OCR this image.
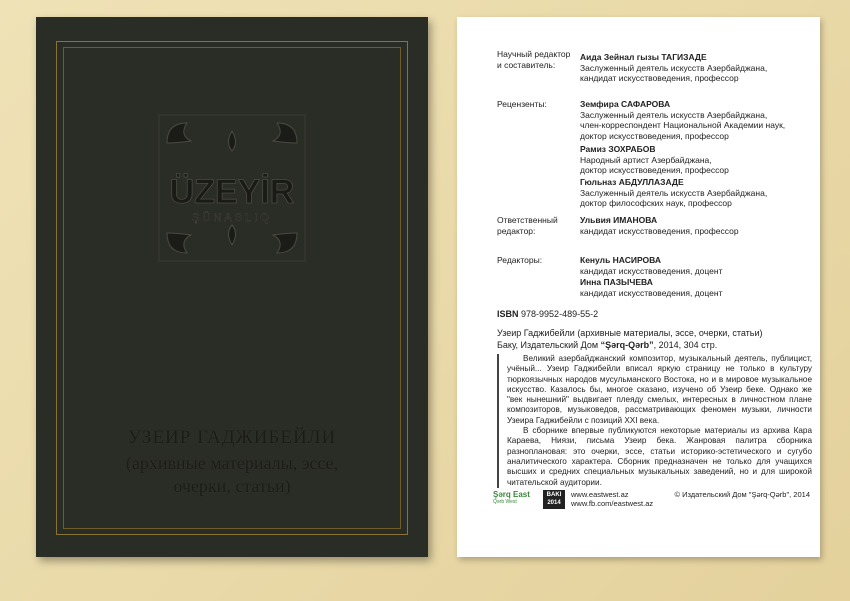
ÜZEYİR
ŞÜNASLIQ
УЗЕИР ГАДЖИБЕЙЛИ
(архивные материалы, эссе,
очерки, статьи)
Научный редактор
и составитель:
Аида Зейнал гызы ТАГИЗАДЕ
Заслуженный деятель искусств Азербайджана,
кандидат искусствоведения, профессор
Рецензенты:	Земфира САФАРОВА
Заслуженный деятель искусств Азербайджана,
член-корреспондент Национальной Академии наук,
доктор искусствоведения, профессор
Рамиз ЗОХРАБОВ
Народный артист Азербайджана,
доктор искусствоведения, профессор
Гюльназ АБДУЛЛАЗАДЕ
Заслуженный деятель искусств Азербайджана,
доктор философских наук, профессор
Ответственный
редактор:
Ульвия ИМАНОВА
кандидат искусствоведения, профессор
Редакторы:	Кенуль НАСИРОВА
кандидат искусствоведения, доцент
Инна ПАЗЫЧЕВА
кандидат искусствоведения, доцент
ISBN 978-9952-489-55-2
Узеир Гаджибейли (архивные материалы, эссе, очерки, статьи)
Баку, Издательский Дом “Şərq-Qərb”, 2014, 304 стр.

Великий азербайджанский композитор, музыкальный деятель, публицист, учёный... Узеир Гаджибейли вписал яркую страницу не только в культуру тюркоязычных народов мусульманского Востока, но и в мировое музыкальное искусство. Казалось бы, многое сказано, изучено об Узеир беке. Однако же "век нынешний" выдвигает плеяду смелых, интересных в личностном плане композиторов, музыковедов, рассматривающих феномен музыки, личности Узеира Гаджибейли с позиций XXI века.

В сборнике впервые публикуются некоторые материалы из архива Кара Караева, Ниязи, письма Узеир бека. Жанровая палитра сборника разноплановая: это очерки, эссе, статьи историко-эстетического и сугубо аналитического характера. Сборник предназначен не только для учащихся высших и средних специальных музыкальных заведений, но и для широкой читательской аудитории.

Şərq East
Qərb West
BAKI
2014
www.eastwest.az
www.fb.com/eastwest.az
© Издательский Дом "Şərq-Qərb", 2014
